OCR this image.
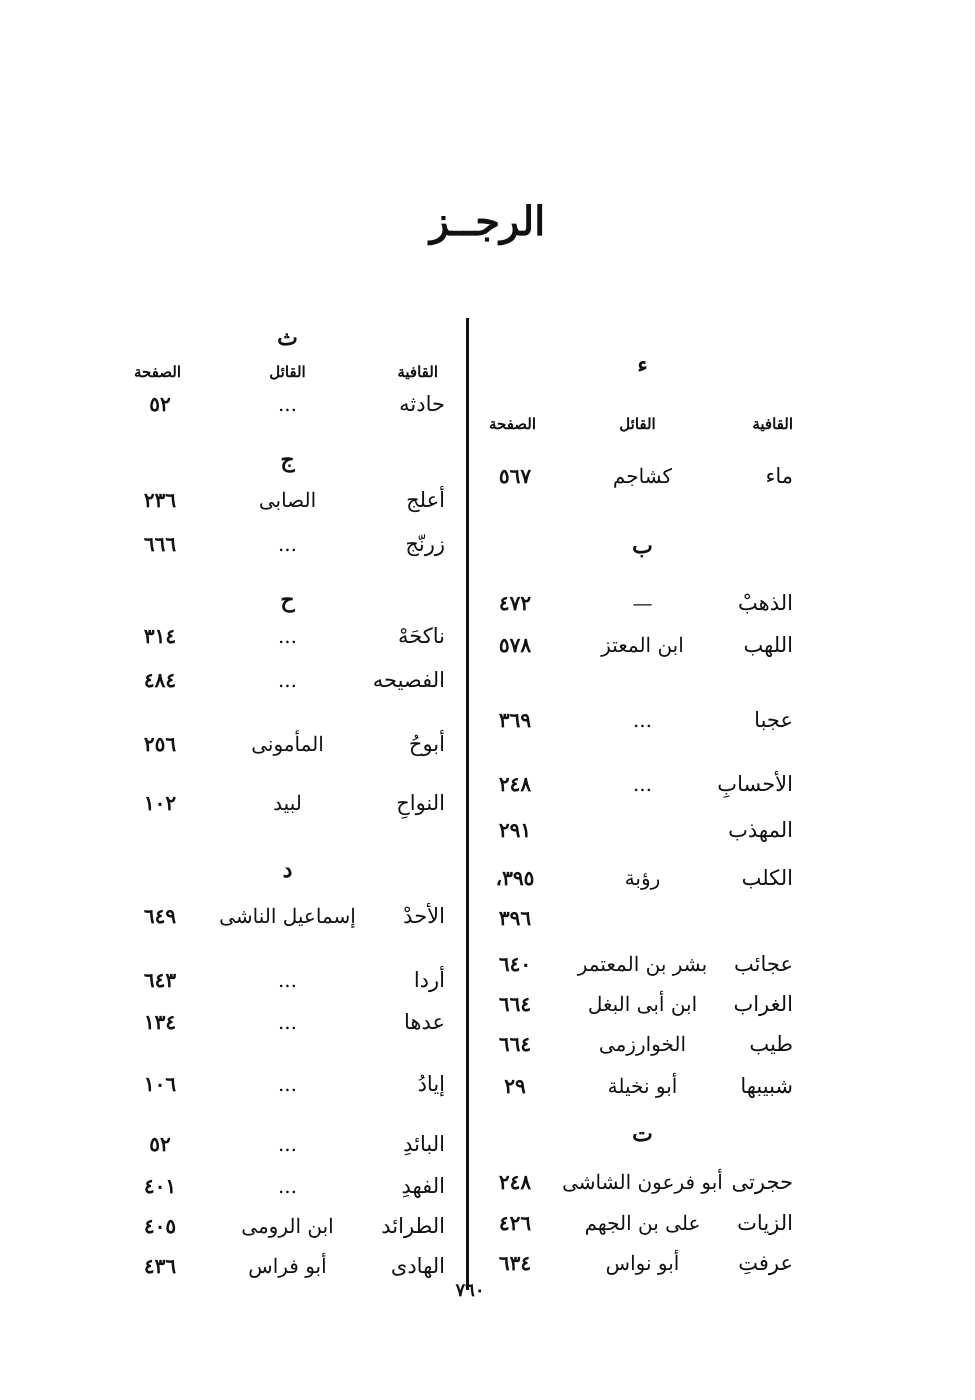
الرجــز
ء
القافية
القائل
الصفحة
ماء
كشاجم
٥٦٧
ب
الذهبْ
—
٤٧٢
اللهب
ابن المعتز
٥٧٨
عجبا
...
٣٦٩
الأحسابِ
...
٢٤٨
المهذب
٢٩١
الكلب
رؤبة
٣٩٥،
٣٩٦
عجائب
بشر بن المعتمر
٦٤٠
الغراب
ابن أبى البغل
٦٦٤
طيب
الخوارزمى
٦٦٤
شبيبها
أبو نخيلة
٢٩
ت
حجرتى
أبو فرعون الشاشى
٢٤٨
الزيات
على بن الجهم
٤٢٦
عرفتِ
أبو نواس
٦٣٤
ث
القافية
القائل
الصفحة
حادثه
...
٥٢
ج
أعلج
الصابى
٢٣٦
زرنّج
...
٦٦٦
ح
ناكحَهْ
...
٣١٤
الفصيحه
...
٤٨٤
أبوحُ
المأمونى
٢٥٦
النواحِ
لبيد
١٠٢
د
الأحدْ
إسماعيل الناشى
٦٤٩
أردا
...
٦٤٣
عدها
...
١٣٤
إيادُ
...
١٠٦
البائدِ
...
٥٢
الفهدِ
...
٤٠١
الطرائد
ابن الرومى
٤٠٥
الهادى
أبو فراس
٤٣٦
٧٦٠
